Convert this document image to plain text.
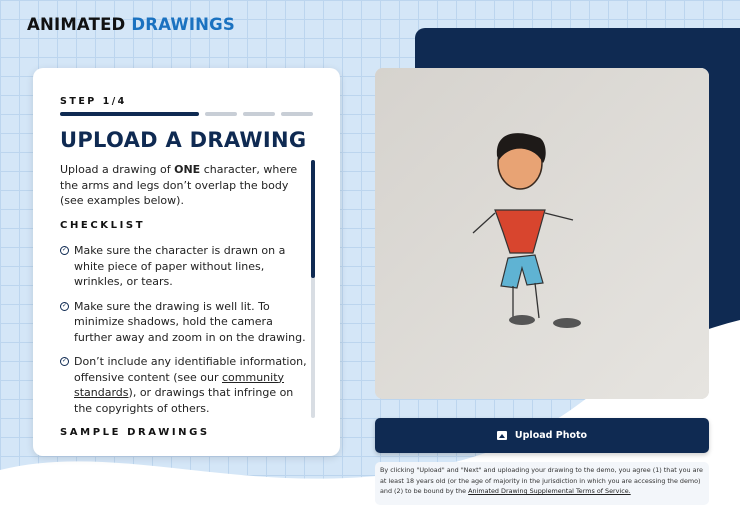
ANIMATED DRAWINGS
STEP 1/4
UPLOAD A DRAWING

Upload a drawing of ONE character, where the arms and legs don’t overlap the body (see examples below).

CHECKLIST
✓ Make sure the character is drawn on a white piece of paper without lines, wrinkles, or tears.
✓ Make sure the drawing is well lit. To minimize shadows, hold the camera further away and zoom in on the drawing.
✓ Don’t include any identifiable information, offensive content (see our community standards), or drawings that infringe on the copyrights of others.
SAMPLE DRAWINGS	Upload Photo
By clicking "Upload" and "Next" and uploading your drawing to the demo, you agree (1) that you are at least 18 years old (or the age of majority in the jurisdiction in which you are accessing the demo) and (2) to be bound by the Animated Drawing Supplemental Terms of Service.
